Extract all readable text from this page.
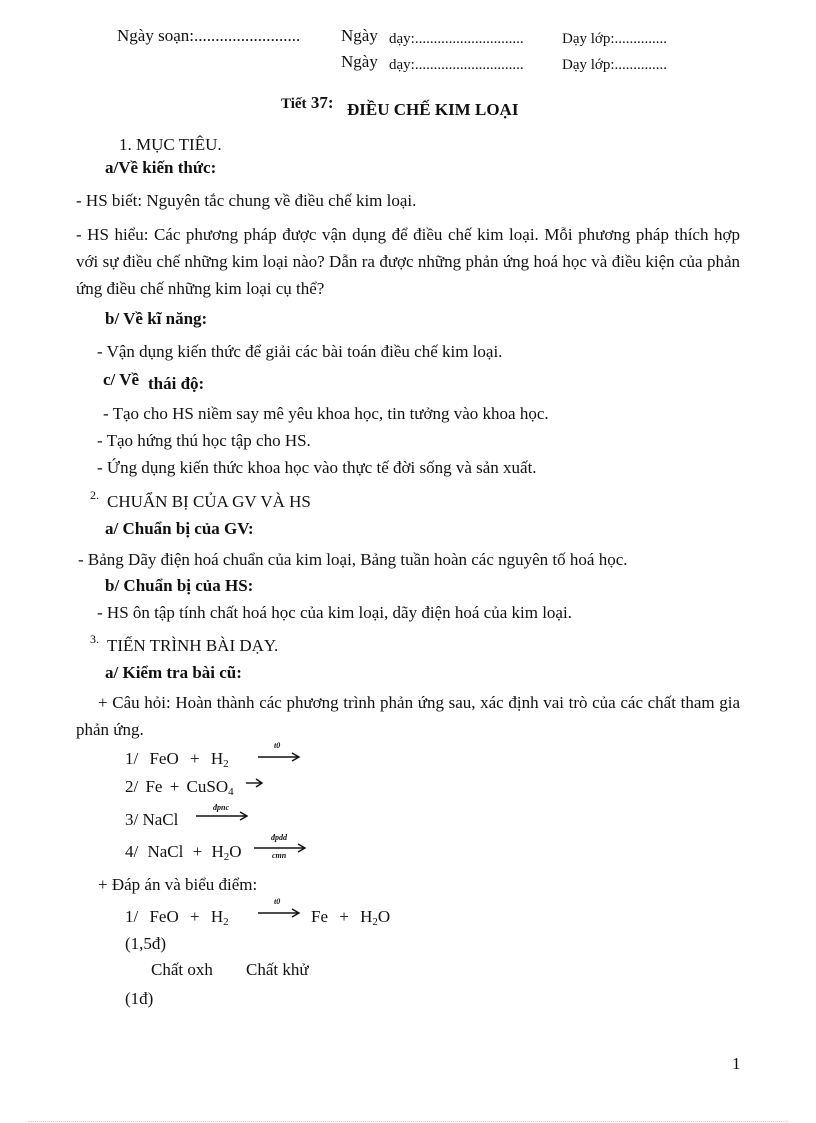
Ngày soạn:......................... Ngày dạy:.............................	Dạy lớp:..............
Ngày dạy:.............................	Dạy lớp:..............
Tiết 37: ĐIỀU CHẾ KIM LOẠI
1. MỤC TIÊU.
a/Về kiến thức:
- HS biết: Nguyên tắc chung về điều chế kim loại.
- HS hiểu: Các phương pháp được vận dụng để điều chế kim loại. Mỗi phương pháp thích hợp với sự điều chế những kim loại nào? Dẫn ra được những phản ứng hoá học và điều kiện của phản ứng điều chế những kim loại cụ thể?
b/ Về kĩ năng:
- Vận dụng kiến thức để giải các bài toán điều chế kim loại.
c/ Về thái độ:
- Tạo cho HS niềm say mê yêu khoa học, tin tưởng vào khoa học.
- Tạo hứng thú học tập cho HS.
- Ứng dụng kiến thức khoa học vào thực tế đời sống và sản xuất.
2. CHUẨN BỊ CỦA GV VÀ HS
a/ Chuẩn bị của GV:
- Bảng Dãy điện hoá chuẩn của kim loại, Bảng tuần hoàn các nguyên tố hoá học.
b/ Chuẩn bị của HS:
- HS ôn tập tính chất hoá học của kim loại, dãy điện hoá của kim loại.
3. TIẾN TRÌNH BÀI DẠY.
a/ Kiểm tra bài cũ:
+ Câu hỏi: Hoàn thành các phương trình phản ứng sau, xác định vai trò của các chất tham gia phản ứng.
1/ FeO + $H_2$
t0
2/ Fe + CuSO$_4$
3/ NaCl
đpnc
4/ NaCl + $H_2O$
đpdd
cmn
+ Đáp án và biểu điểm:
1/ FeO + $H_2$
t0
$Fe + H_2O$
(1,5đ)
Chất oxh Chất khử
(1đ)
1
